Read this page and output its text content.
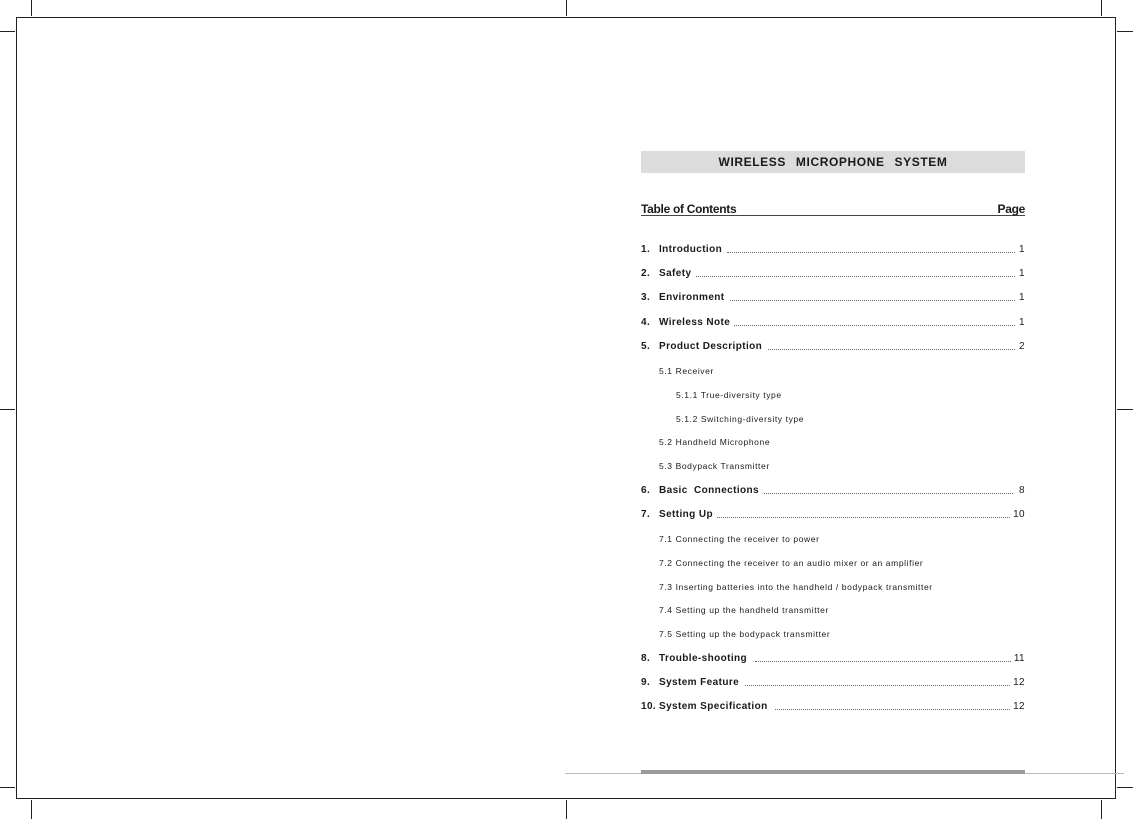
WIRELESS MICROPHONE SYSTEM
Table of Contents	Page
1. Introduction	1
2. Safety	1
3. Environment	1
4. Wireless Note	1
5. Product Description	2
5.1 Receiver
5.1.1 True-diversity type
5.1.2 Switching-diversity type
5.2 Handheld Microphone
5.3 Bodypack Transmitter
6. Basic  Connections	8
7. Setting Up	10
7.1 Connecting the receiver to power
7.2 Connecting the receiver to an audio mixer or an amplifier
7.3 Inserting batteries into the handheld / bodypack transmitter
7.4 Setting up the handheld transmitter
7.5 Setting up the bodypack transmitter
8. Trouble-shooting	11
9. System Feature	12
10. System Specification	12
